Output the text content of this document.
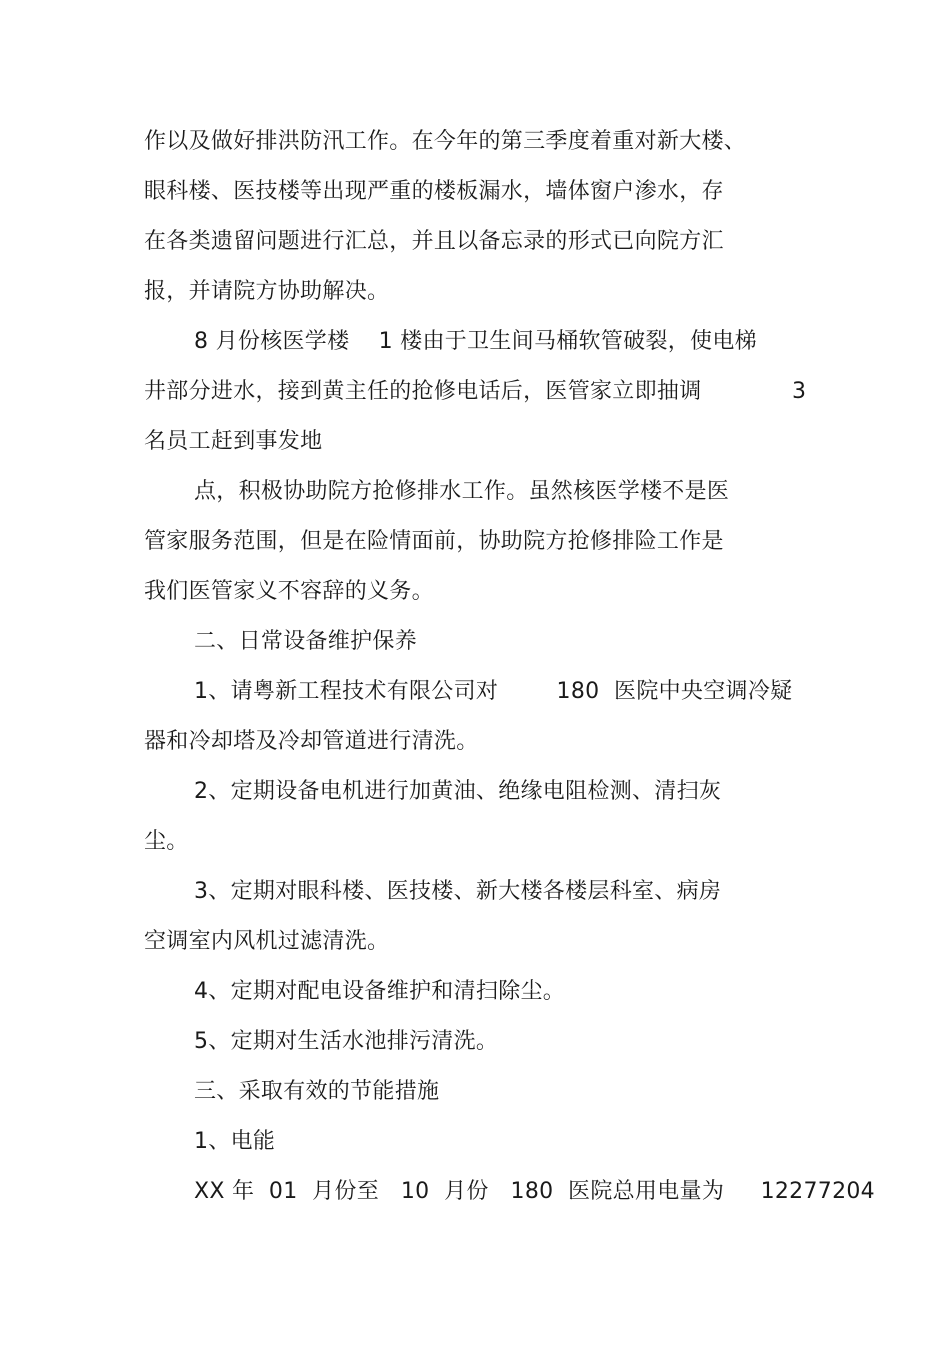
作以及做好排洪防汛工作。在今年的第三季度着重对新大楼、
眼科楼、医技楼等出现严重的楼板漏水，墙体窗户渗水，存
在各类遗留问题进行汇总，并且以备忘录的形式已向院方汇
报，并请院方协助解决。
8 月份核医学楼    1 楼由于卫生间马桶软管破裂，使电梯
井部分进水，接到黄主任的抢修电话后，医管家立即抽调	3
名员工赶到事发地
点，积极协助院方抢修排水工作。虽然核医学楼不是医
管家服务范围，但是在险情面前，协助院方抢修排险工作是
我们医管家义不容辞的义务。
二、日常设备维护保养
1、请粤新工程技术有限公司对        180  医院中央空调冷疑
器和冷却塔及冷却管道进行清洗。
2、定期设备电机进行加黄油、绝缘电阻检测、清扫灰
尘。
3、定期对眼科楼、医技楼、新大楼各楼层科室、病房
空调室内风机过滤清洗。
4、定期对配电设备维护和清扫除尘。
5、定期对生活水池排污清洗。
三、采取有效的节能措施
1、电能
XX 年  01  月份至   10  月份   180  医院总用电量为     12277204
